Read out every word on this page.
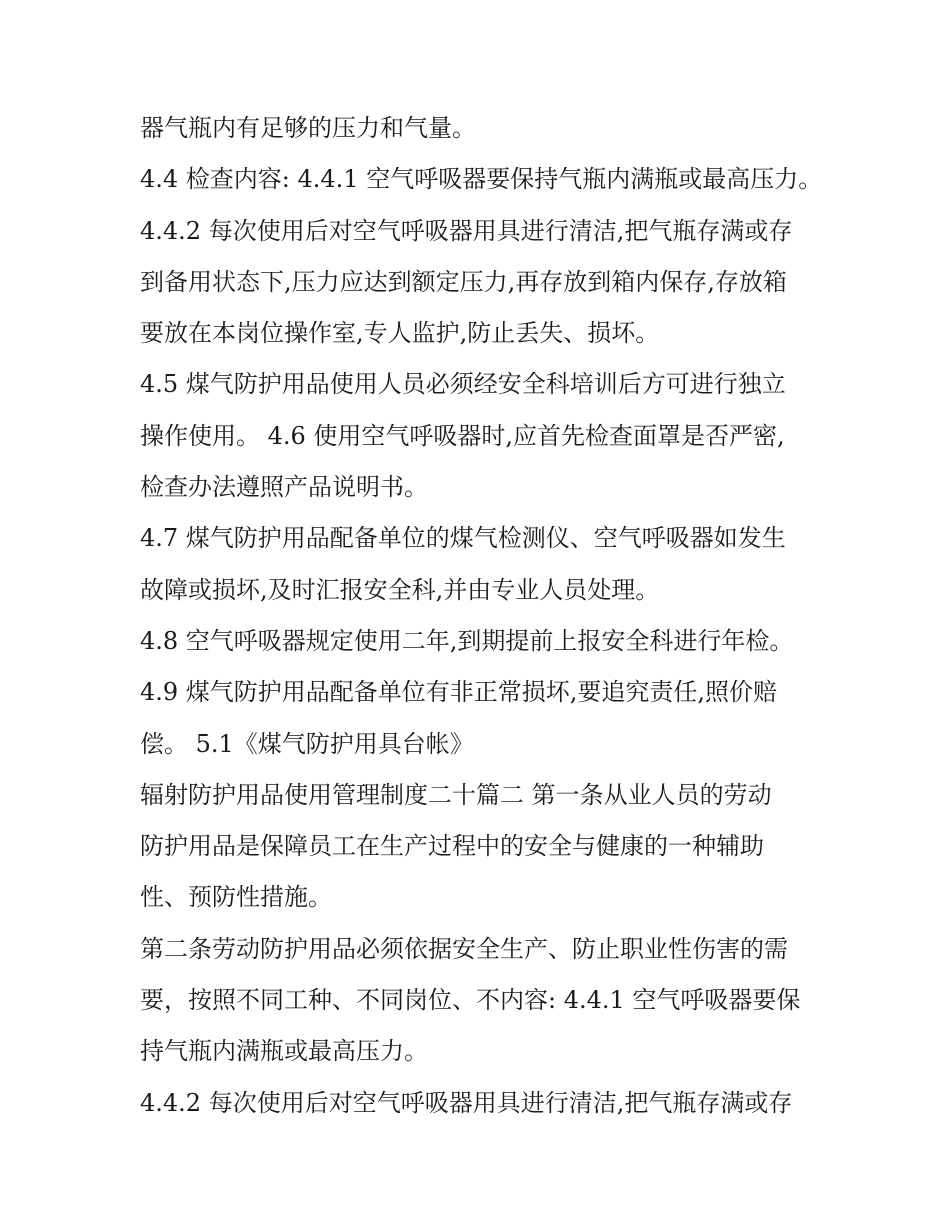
器气瓶内有足够的压力和气量。
4.4 检查内容: 4.4.1 空气呼吸器要保持气瓶内满瓶或最高压力。
4.4.2 每次使用后对空气呼吸器用具进行清洁,把气瓶存满或存
到备用状态下,压力应达到额定压力,再存放到箱内保存,存放箱
要放在本岗位操作室,专人监护,防止丢失、损坏。
4.5 煤气防护用品使用人员必须经安全科培训后方可进行独立
操作使用。 4.6 使用空气呼吸器时,应首先检查面罩是否严密,
检查办法遵照产品说明书。
4.7 煤气防护用品配备单位的煤气检测仪、空气呼吸器如发生
故障或损坏,及时汇报安全科,并由专业人员处理。
4.8 空气呼吸器规定使用二年,到期提前上报安全科进行年检。
4.9 煤气防护用品配备单位有非正常损坏,要追究责任,照价赔
偿。 5.1《煤气防护用具台帐》
辐射防护用品使用管理制度二十篇二 第一条从业人员的劳动
防护用品是保障员工在生产过程中的安全与健康的一种辅助
性、预防性措施。
第二条劳动防护用品必须依据安全生产、防止职业性伤害的需
要，按照不同工种、不同岗位、不内容: 4.4.1 空气呼吸器要保
持气瓶内满瓶或最高压力。
4.4.2 每次使用后对空气呼吸器用具进行清洁,把气瓶存满或存
